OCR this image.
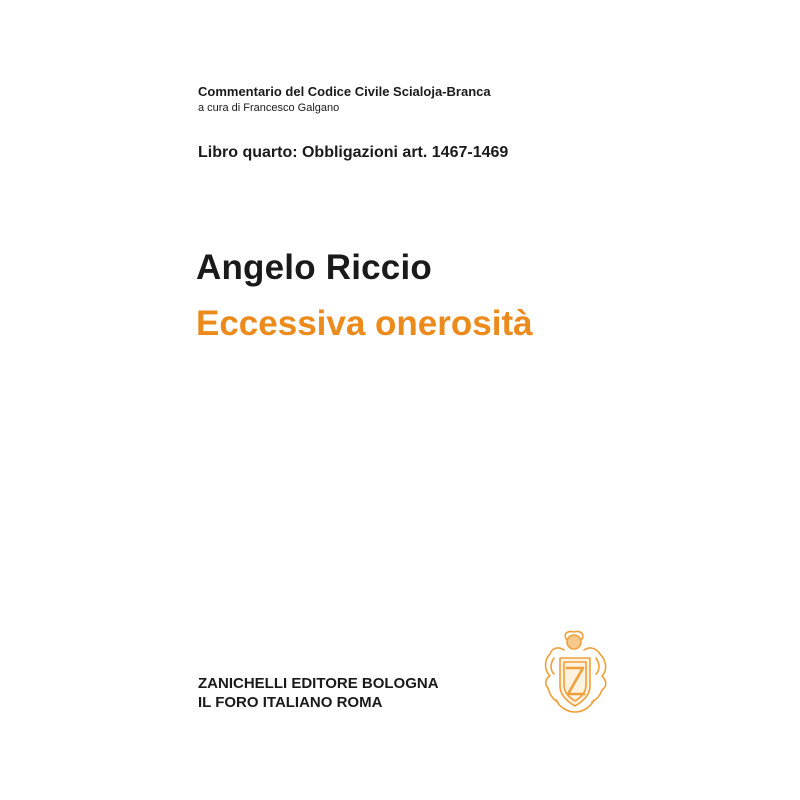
Commentario del Codice Civile Scialoja-Branca
a cura di Francesco Galgano
Libro quarto: Obbligazioni art. 1467-1469
Angelo Riccio
Eccessiva onerosità
ZANICHELLI EDITORE BOLOGNA
IL FORO ITALIANO ROMA
